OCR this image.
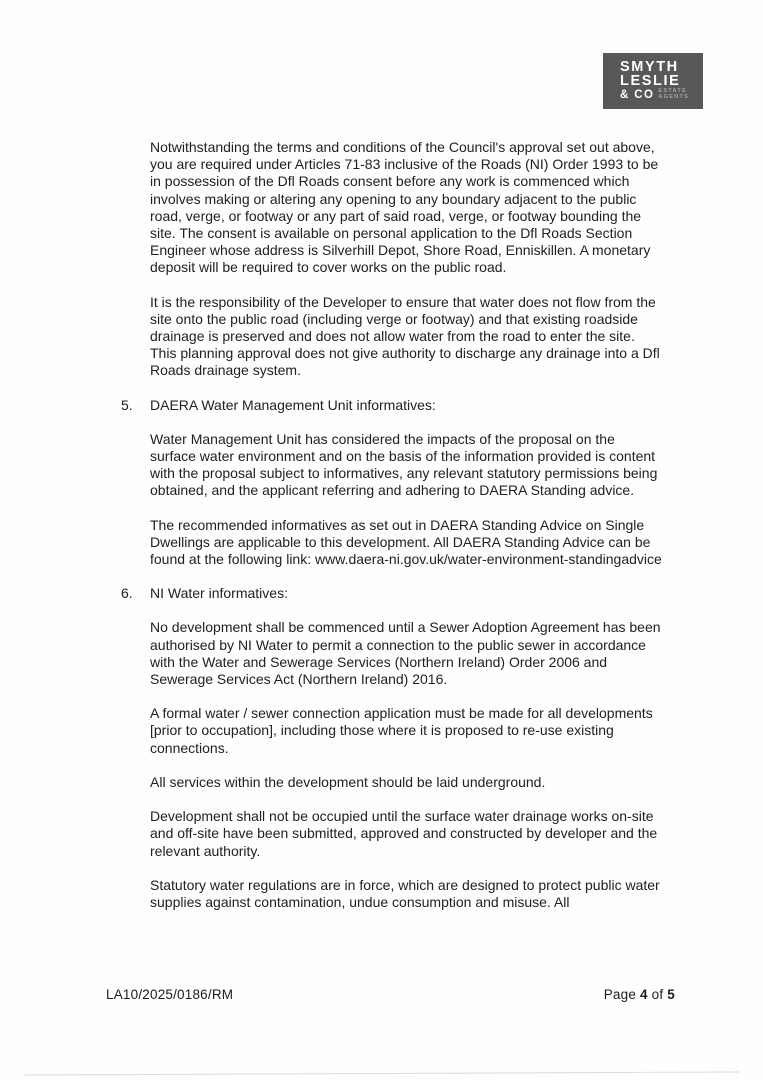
SMYTH
LESLIE
& CO ESTATE
AGENTS
Notwithstanding the terms and conditions of the Council's approval set out above, you are required under Articles 71-83 inclusive of the Roads (NI) Order 1993 to be in possession of the Dfl Roads consent before any work is commenced which involves making or altering any opening to any boundary adjacent to the public road, verge, or footway or any part of said road, verge, or footway bounding the site. The consent is available on personal application to the Dfl Roads Section Engineer whose address is Silverhill Depot, Shore Road, Enniskillen. A monetary deposit will be required to cover works on the public road.
It is the responsibility of the Developer to ensure that water does not flow from the site onto the public road (including verge or footway) and that existing roadside drainage is preserved and does not allow water from the road to enter the site. This planning approval does not give authority to discharge any drainage into a Dfl Roads drainage system.
5.	DAERA Water Management Unit informatives:
Water Management Unit has considered the impacts of the proposal on the surface water environment and on the basis of the information provided is content with the proposal subject to informatives, any relevant statutory permissions being obtained, and the applicant referring and adhering to DAERA Standing advice.
The recommended informatives as set out in DAERA Standing Advice on Single Dwellings are applicable to this development. All DAERA Standing Advice can be found at the following link: www.daera-ni.gov.uk/water-environment-standingadvice
6.	NI Water informatives:
No development shall be commenced until a Sewer Adoption Agreement has been authorised by NI Water to permit a connection to the public sewer in accordance with the Water and Sewerage Services (Northern Ireland) Order 2006 and Sewerage Services Act (Northern Ireland) 2016.
A formal water / sewer connection application must be made for all developments [prior to occupation], including those where it is proposed to re-use existing connections.
All services within the development should be laid underground.
Development shall not be occupied until the surface water drainage works on-site and off-site have been submitted, approved and constructed by developer and the relevant authority.
Statutory water regulations are in force, which are designed to protect public water supplies against contamination, undue consumption and misuse. All
LA10/2025/0186/RM	Page 4 of 5
